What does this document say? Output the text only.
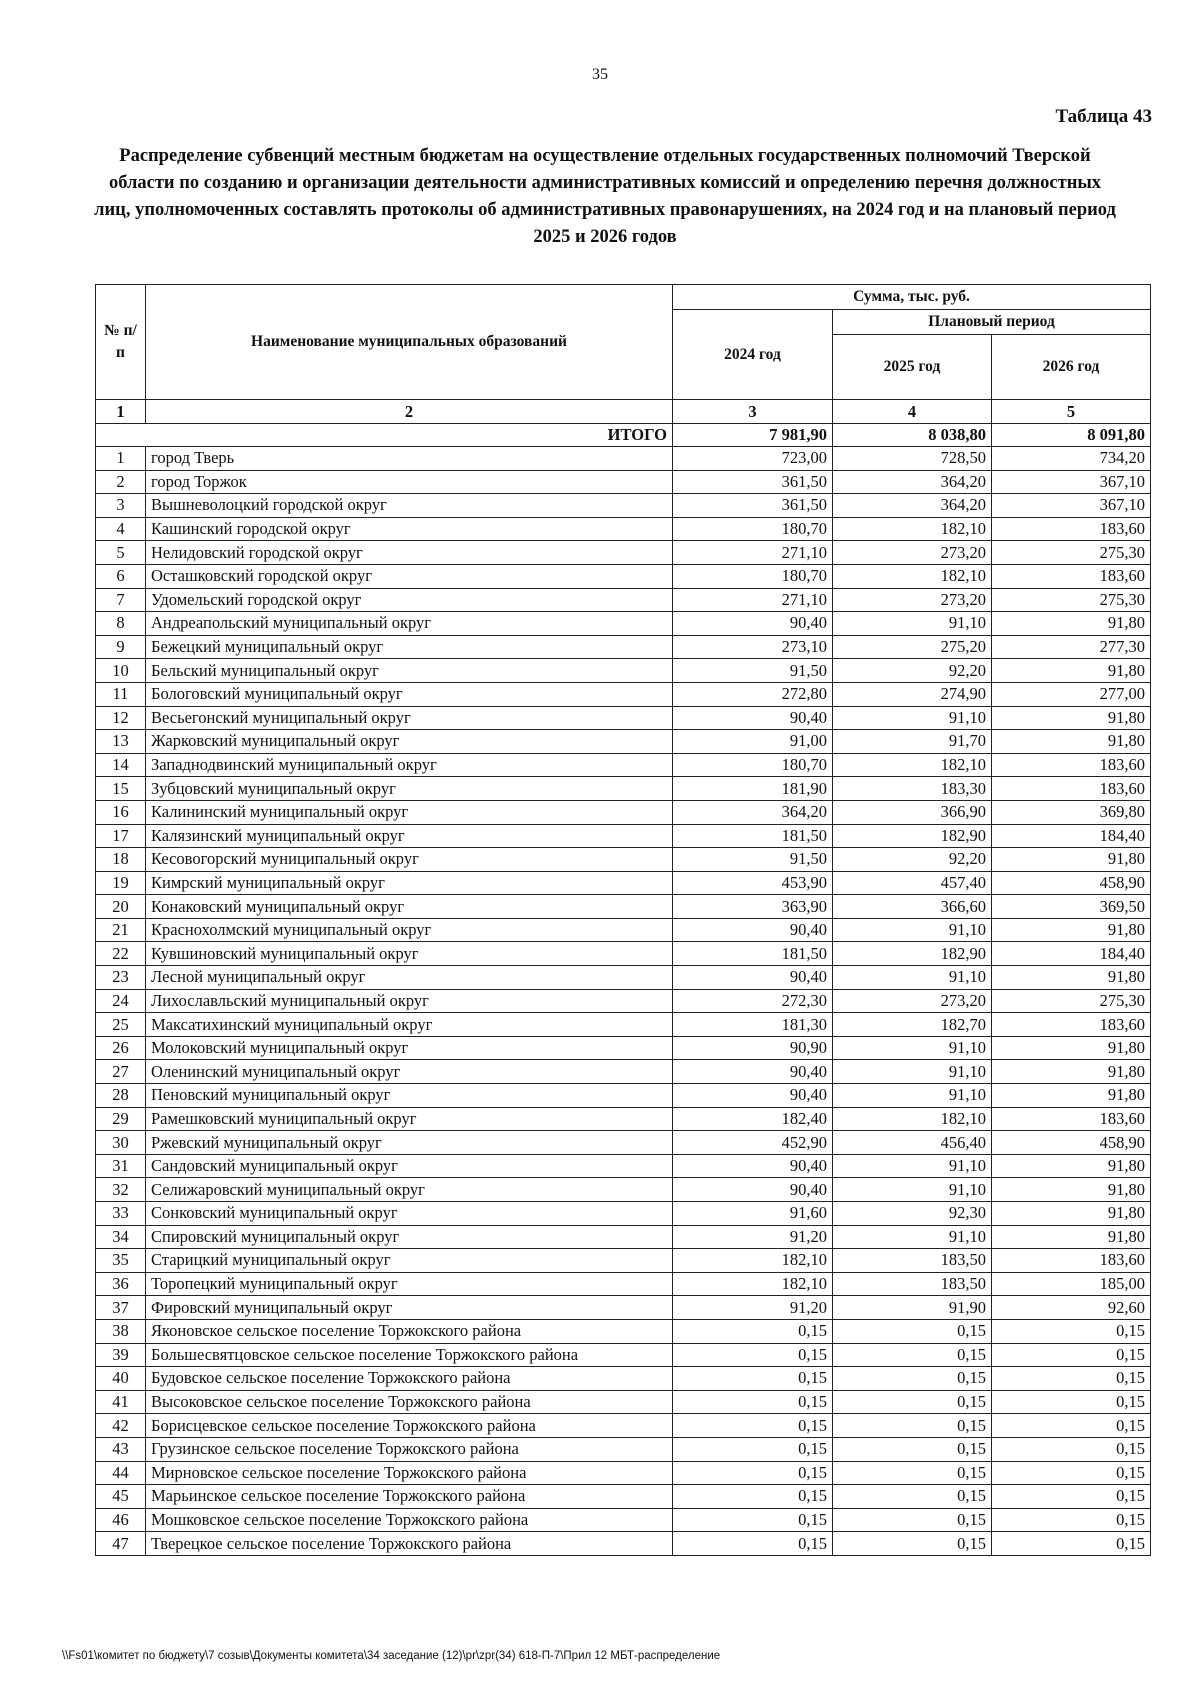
35
Таблица 43
Распределение субвенций местным бюджетам на осуществление отдельных государственных полномочий Тверской области по созданию и организации деятельности административных комиссий и определению перечня должностных лиц, уполномоченных составлять протоколы об административных правонарушениях, на 2024 год и на плановый период 2025 и 2026 годов
№ п/п	Наименование муниципальных образований	Сумма, тыс. руб.		
		2024 год	Плановый период	
			2025 год	2026 год
1	2	3	4	5
ИТОГО		7 981,90	8 038,80	8 091,80
1	город Тверь	723,00	728,50	734,20
2	город Торжок	361,50	364,20	367,10
3	Вышневолоцкий городской округ	361,50	364,20	367,10
4	Кашинский городской округ	180,70	182,10	183,60
5	Нелидовский городской округ	271,10	273,20	275,30
6	Осташковский городской округ	180,70	182,10	183,60
7	Удомельский городской округ	271,10	273,20	275,30
8	Андреапольский муниципальный округ	90,40	91,10	91,80
9	Бежецкий муниципальный округ	273,10	275,20	277,30
10	Бельский муниципальный округ	91,50	92,20	91,80
11	Бологовский муниципальный округ	272,80	274,90	277,00
12	Весьегонский муниципальный округ	90,40	91,10	91,80
13	Жарковский муниципальный округ	91,00	91,70	91,80
14	Западнодвинский муниципальный округ	180,70	182,10	183,60
15	Зубцовский муниципальный округ	181,90	183,30	183,60
16	Калининский муниципальный округ	364,20	366,90	369,80
17	Калязинский муниципальный округ	181,50	182,90	184,40
18	Кесовогорский муниципальный округ	91,50	92,20	91,80
19	Кимрский муниципальный округ	453,90	457,40	458,90
20	Конаковский муниципальный округ	363,90	366,60	369,50
21	Краснохолмский муниципальный округ	90,40	91,10	91,80
22	Кувшиновский муниципальный округ	181,50	182,90	184,40
23	Лесной муниципальный округ	90,40	91,10	91,80
24	Лихославльский муниципальный округ	272,30	273,20	275,30
25	Максатихинский муниципальный округ	181,30	182,70	183,60
26	Молоковский муниципальный округ	90,90	91,10	91,80
27	Оленинский муниципальный округ	90,40	91,10	91,80
28	Пеновский муниципальный округ	90,40	91,10	91,80
29	Рамешковский муниципальный округ	182,40	182,10	183,60
30	Ржевский муниципальный округ	452,90	456,40	458,90
31	Сандовский муниципальный округ	90,40	91,10	91,80
32	Селижаровский муниципальный округ	90,40	91,10	91,80
33	Сонковский муниципальный округ	91,60	92,30	91,80
34	Спировский муниципальный округ	91,20	91,10	91,80
35	Старицкий муниципальный округ	182,10	183,50	183,60
36	Торопецкий муниципальный округ	182,10	183,50	185,00
37	Фировский муниципальный округ	91,20	91,90	92,60
38	Яконовское сельское поселение Торжокского района	0,15	0,15	0,15
39	Большесвятцовское сельское поселение Торжокского района	0,15	0,15	0,15
40	Будовское сельское поселение Торжокского района	0,15	0,15	0,15
41	Высоковское сельское поселение Торжокского района	0,15	0,15	0,15
42	Борисцевское сельское поселение Торжокского района	0,15	0,15	0,15
43	Грузинское сельское поселение Торжокского района	0,15	0,15	0,15
44	Мирновское сельское поселение Торжокского района	0,15	0,15	0,15
45	Марьинское сельское поселение Торжокского района	0,15	0,15	0,15
46	Мошковское сельское поселение Торжокского района	0,15	0,15	0,15
47	Тверецкое сельское поселение Торжокского района	0,15	0,15	0,15
\\Fs01\комитет по бюджету\7 созыв\Документы комитета\34 заседание (12)\pr\zpr(34) 618-П-7\Прил 12 МБТ-распределение
